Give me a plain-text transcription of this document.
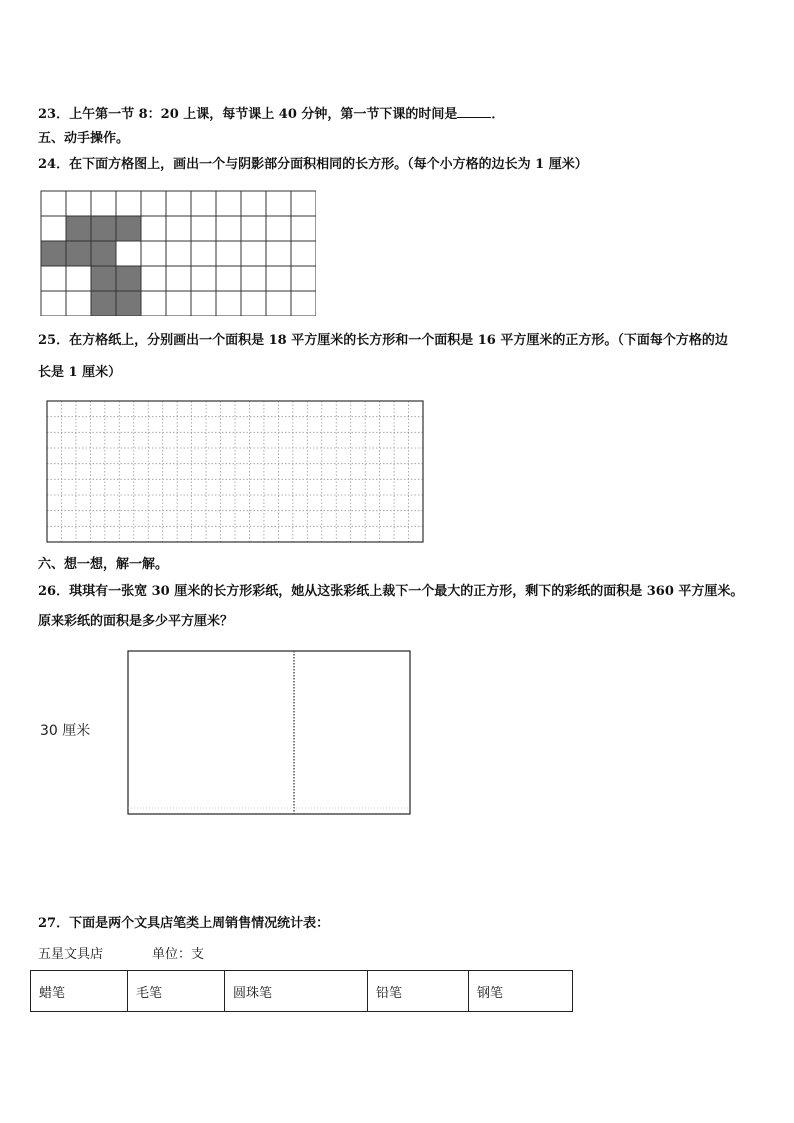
23．上午第一节 8：20 上课，每节课上 40 分钟，第一节下课的时间是	．
五、动手操作。
24．在下面方格图上，画出一个与阴影部分面积相同的长方形。（每个小方格的边长为 1 厘米）
25．在方格纸上，分别画出一个面积是 18 平方厘米的长方形和一个面积是 16 平方厘米的正方形。（下面每个方格的边
长是 1 厘米）
六、想一想，解一解。
26．琪琪有一张宽 30 厘米的长方形彩纸，她从这张彩纸上裁下一个最大的正方形，剩下的彩纸的面积是 360 平方厘米。
原来彩纸的面积是多少平方厘米？
30 厘米
27．下面是两个文具店笔类上周销售情况统计表：
五星文具店	单位：支
蜡笔	毛笔	圆珠笔	铅笔	钢笔
